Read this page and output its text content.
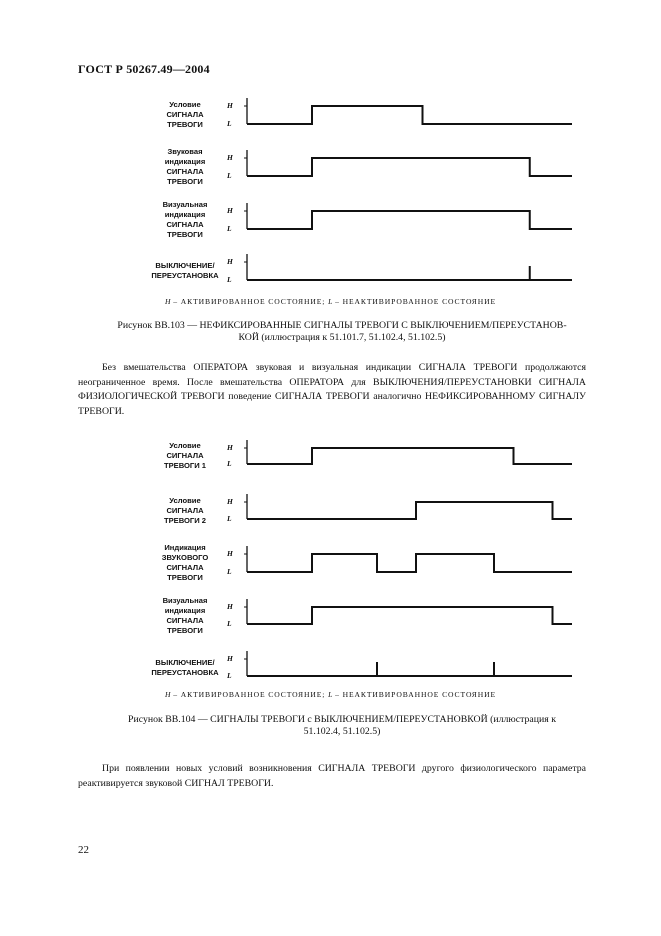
ГОСТ Р 50267.49—2004
H – АКТИВИРОВАННОЕ СОСТОЯНИЕ; L – НЕАКТИВИРОВАННОЕ СОСТОЯНИЕ
Рисунок ВВ.103 — НЕФИКСИРОВАННЫЕ СИГНАЛЫ ТРЕВОГИ С ВЫКЛЮЧЕНИЕМ/ПЕРЕУСТАНОВ-
КОЙ (иллюстрация к 51.101.7, 51.102.4, 51.102.5)
Без вмешательства ОПЕРАТОРА звуковая и визуальная индикации СИГНАЛА ТРЕВОГИ продолжаются неограниченное время. После вмешательства ОПЕРАТОРА для ВЫКЛЮЧЕНИЯ/ПЕРЕУСТАНОВКИ СИГНАЛА ФИЗИОЛОГИЧЕСКОЙ ТРЕВОГИ поведение СИГНАЛА ТРЕВОГИ аналогично НЕФИКСИРОВАННОМУ СИГНАЛУ ТРЕВОГИ.
H – АКТИВИРОВАННОЕ СОСТОЯНИЕ; L – НЕАКТИВИРОВАННОЕ СОСТОЯНИЕ
Рисунок ВВ.104 — СИГНАЛЫ ТРЕВОГИ с ВЫКЛЮЧЕНИЕМ/ПЕРЕУСТАНОВКОЙ (иллюстрация к
51.102.4, 51.102.5)
При появлении новых условий возникновения СИГНАЛА ТРЕВОГИ другого физиологического параметра реактивируется звуковой СИГНАЛ ТРЕВОГИ.
22
Условие
СИГНАЛА
ТРЕВОГИ
H
L
Звуковая
индикация
СИГНАЛА
ТРЕВОГИ
H
L
Визуальная
индикация
СИГНАЛА
ТРЕВОГИ
H
L
ВЫКЛЮЧЕНИЕ/
ПЕРЕУСТАНОВКА
H
L
Условие
СИГНАЛА
ТРЕВОГИ 1
H
L
Условие
СИГНАЛА
ТРЕВОГИ 2
H
L
Индикация
ЗВУКОВОГО
СИГНАЛА
ТРЕВОГИ
H
L
Визуальная
индикация
СИГНАЛА
ТРЕВОГИ
H
L
ВЫКЛЮЧЕНИЕ/
ПЕРЕУСТАНОВКА
H
L
